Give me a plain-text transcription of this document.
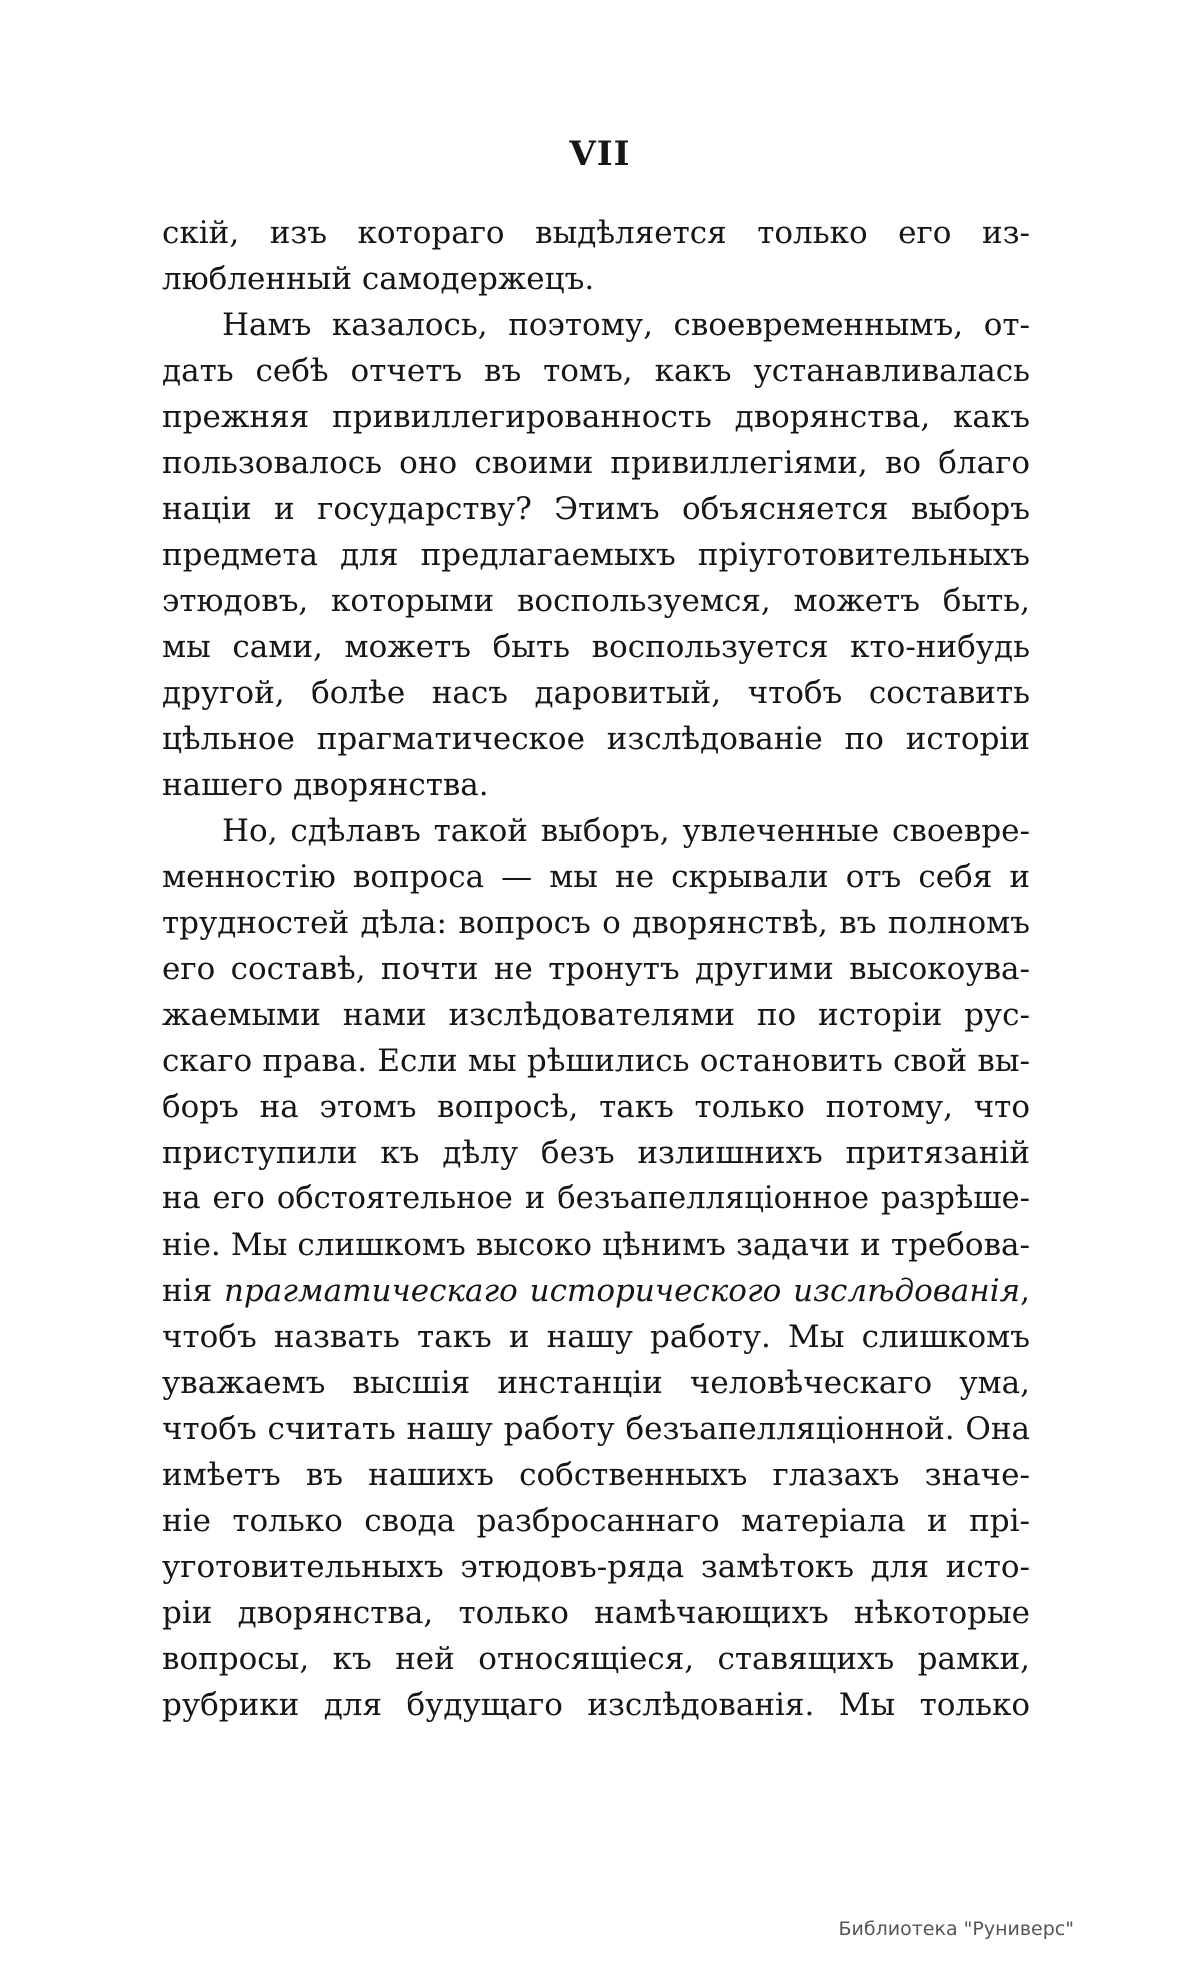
VII
скій, изъ котораго выдѣляется только его из-
любленный самодержецъ.
Намъ казалось, поэтому, своевременнымъ, от-
дать себѣ отчетъ въ томъ, какъ устанавливалась
прежняя привиллегированность дворянства, какъ
пользовалось оно своими привиллегіями, во благо
націи и государству? Этимъ объясняется выборъ
предмета для предлагаемыхъ пріуготовительныхъ
этюдовъ, которыми воспользуемся, можетъ быть,
мы сами, можетъ быть воспользуется кто-нибудь
другой, болѣе насъ даровитый, чтобъ составить
цѣльное прагматическое изслѣдованіе по исторіи
нашего дворянства.
Но, сдѣлавъ такой выборъ, увлеченные своевре-
менностію вопроса — мы не скрывали отъ себя и
трудностей дѣла: вопросъ о дворянствѣ, въ полномъ
его составѣ, почти не тронутъ другими высокоува-
жаемыми нами изслѣдователями по исторіи рус-
скаго права. Если мы рѣшились остановить свой вы-
боръ на этомъ вопросѣ, такъ только потому, что
приступили къ дѣлу безъ излишнихъ притязаній
на его обстоятельное и безъапелляціонное разрѣше-
ніе. Мы слишкомъ высоко цѣнимъ задачи и требова-
нія прагматическаго исторического изслѣдованія,
чтобъ назвать такъ и нашу работу. Мы слишкомъ
уважаемъ высшія инстанціи человѣческаго ума,
чтобъ считать нашу работу безъапелляціонной. Она
имѣетъ въ нашихъ собственныхъ глазахъ значе-
ніе только свода разбросаннаго матеріала и прі-
уготовительныхъ этюдовъ-ряда замѣтокъ для исто-
ріи дворянства, только намѣчающихъ нѣкоторые
вопросы, къ ней относящіеся, ставящихъ рамки,
рубрики для будущаго изслѣдованія. Мы только
Библиотека "Руниверс"
